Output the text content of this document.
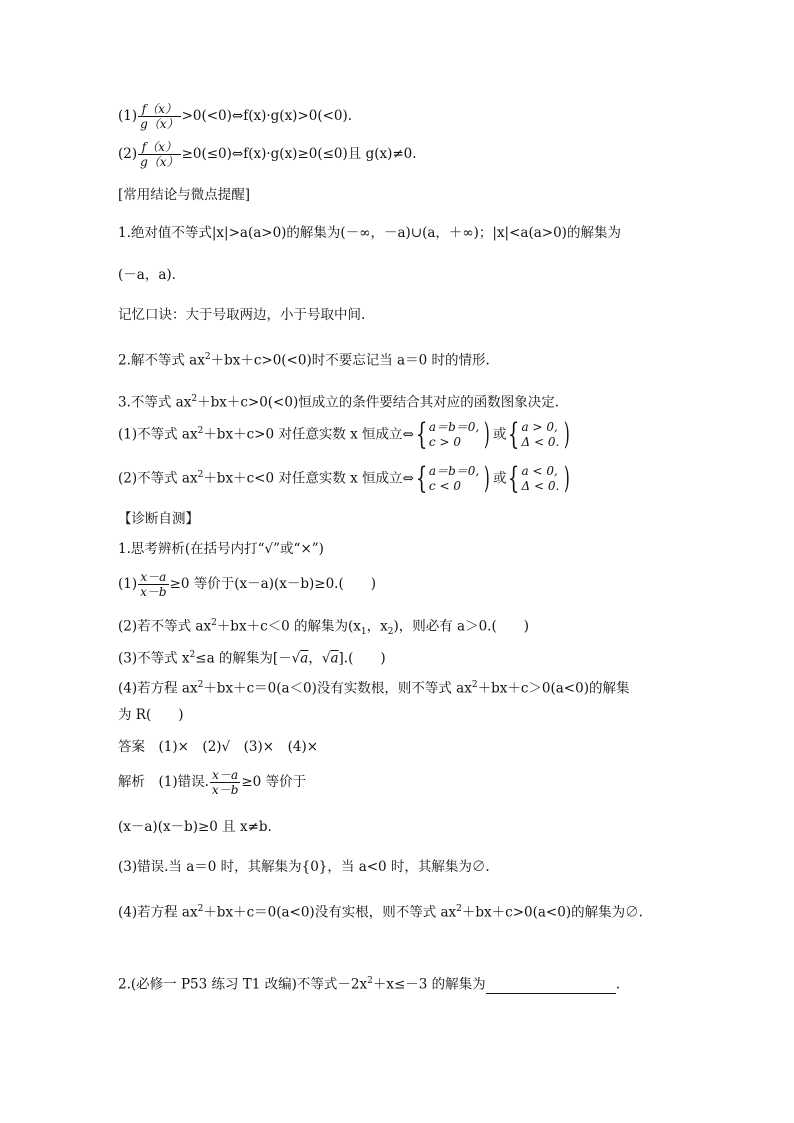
$(1) \frac{f(x)}{g(x)}$ >0(<0)⇔f(x)·g(x)>0(<0).
$(2) \frac{f(x)}{g(x)}$ ≥0(≤0)⇔f(x)·g(x)≥0(≤0)且 g(x)≠0.
[常用结论与微点提醒]
1.绝对值不等式|x|>a(a>0)的解集为(－∞，－a)∪(a，＋∞)；|x|<a(a>0)的解集为
(－a，a).
记忆口诀：大于号取两边，小于号取中间.
2.解不等式 $ax^2+bx+c>0(<0)$时不要忘记当 a＝0 时的情形.
3.不等式 $ax^2+bx+c>0(<0)$恒成立的条件要结合其对应的函数图象决定.
(1)不等式 $ax^2+bx+c>0$ 对任意实数 x 恒成立⇔{ a＝b＝0,
c > 0 ) 或{ a > 0,
Δ < 0. )
(2)不等式 $ax^2+bx+c<0$ 对任意实数 x 恒成立⇔{ a＝b＝0,
c < 0 ) 或{ a < 0,
Δ < 0. )
【诊断自测】
1.思考辨析(在括号内打“√”或“×”)
$(1) \frac{x-a}{x-b} \ge 0$ 等价于(x－a)(x－b)≥0.(　　)
(2)若不等式 $ax^2+bx+c<0$ 的解集为($x_1$，$x_2$)，则必有 a＞0.(　　)
(3)不等式 $x^2\le a$ 的解集为[－√a，√a].(　　)
(4)若方程 $ax^2+bx+c=0(a<0)$没有实数根，则不等式 $ax^2+bx+c>0(a<0)$的解集
为 R(　　)
答案　(1)×　(2)√　(3)×　(4)×
解析　(1)错误. $\frac{x-a}{x-b} \ge 0$ 等价于
(x－a)(x－b)≥0 且 x≠b.
(3)错误.当 a＝0 时，其解集为{0}，当 a<0 时，其解集为∅.
(4)若方程 $ax^2+bx+c=0(a<0)$没有实根，则不等式 $ax^2+bx+c>0(a<0)$的解集为∅.
2.(必修一 P53 练习 T1 改编)不等式$-2x^2+x\le-3$ 的解集为	.
